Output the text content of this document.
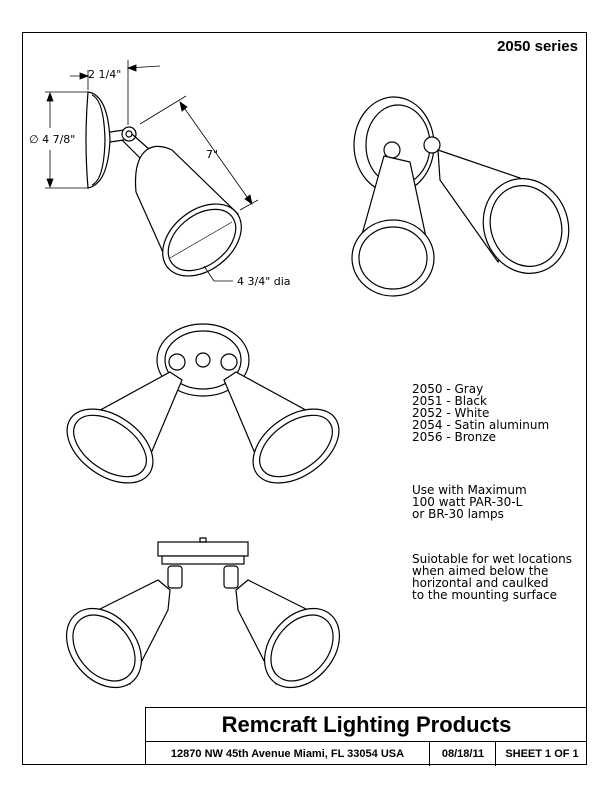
2050 series
2 1/4"
∅ 4 7/8"
7"
4 3/4" dia
2050 - Gray
2051 - Black
2052 - White
2054 - Satin aluminum
2056 - Bronze
Use with Maximum
100 watt PAR-30-L
or BR-30 lamps
Suiotable for wet locations
when aimed below the
horizontal and caulked
to the mounting surface
Remcraft Lighting Products
12870 NW 45th Avenue Miami, FL 33054 USA	08/18/11	SHEET 1 OF 1
